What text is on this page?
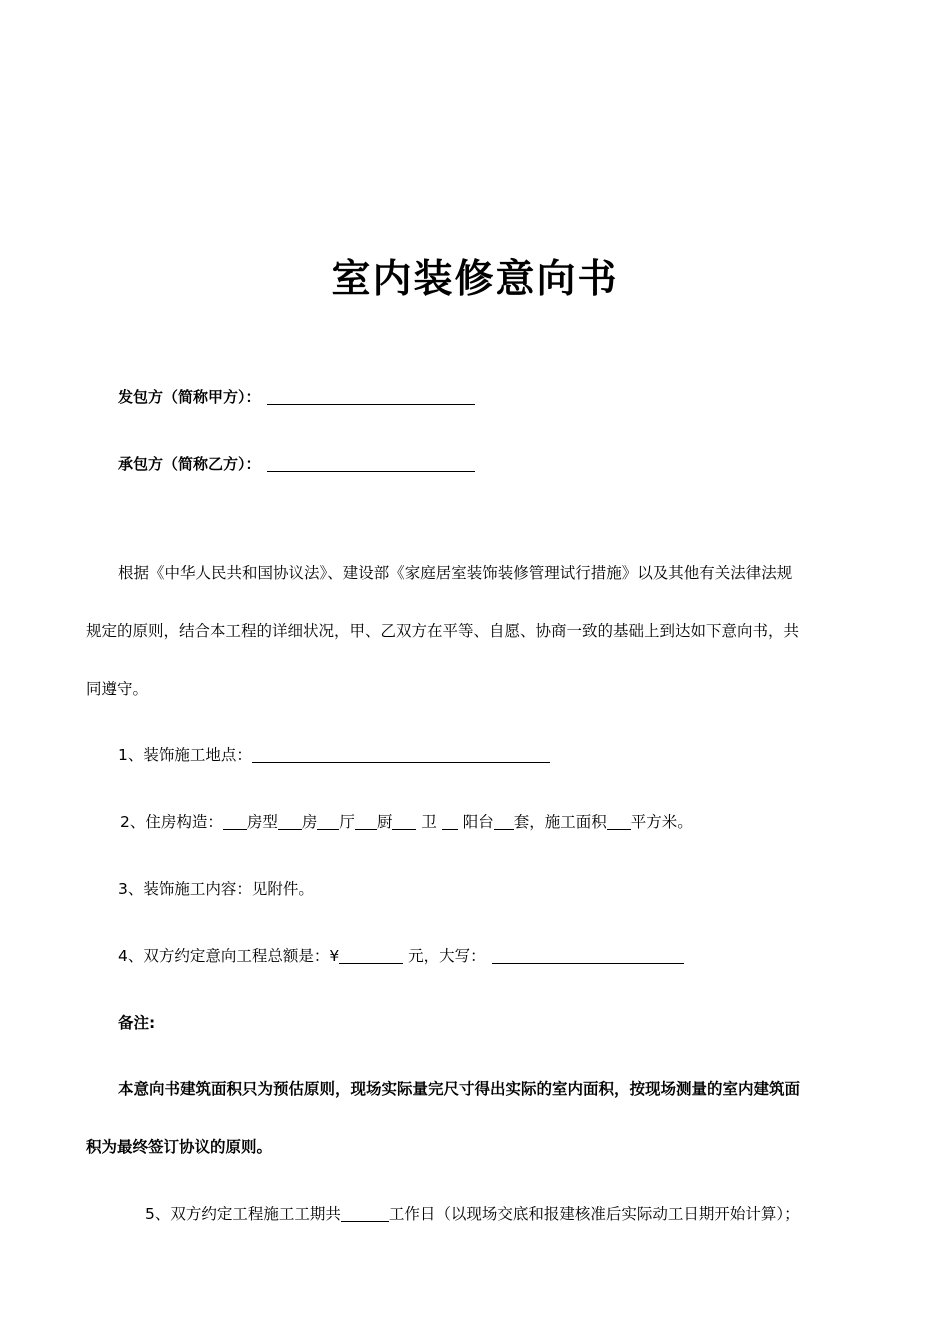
室内装修意向书
发包方（简称甲方）：
承包方（简称乙方）：
根据《中华人民共和国协议法》、建设部《家庭居室装饰装修管理试行措施》以及其他有关法律法规
规定的原则，结合本工程的详细状况，甲、乙双方在平等、自愿、协商一致的基础上到达如下意向书，共
同遵守。
1、装饰施工地点：
2、住房构造： 房型 房 厅 厨 卫  阳台 套，施工面积 平方米。
3、装饰施工内容：见附件。
4、双方约定意向工程总额是：¥	元，大写：
备注:
本意向书建筑面积只为预估原则，现场实际量完尺寸得出实际的室内面积，按现场测量的室内建筑面
积为最终签订协议的原则。
5、双方约定工程施工工期共	工作日（以现场交底和报建核准后实际动工日期开始计算）；
